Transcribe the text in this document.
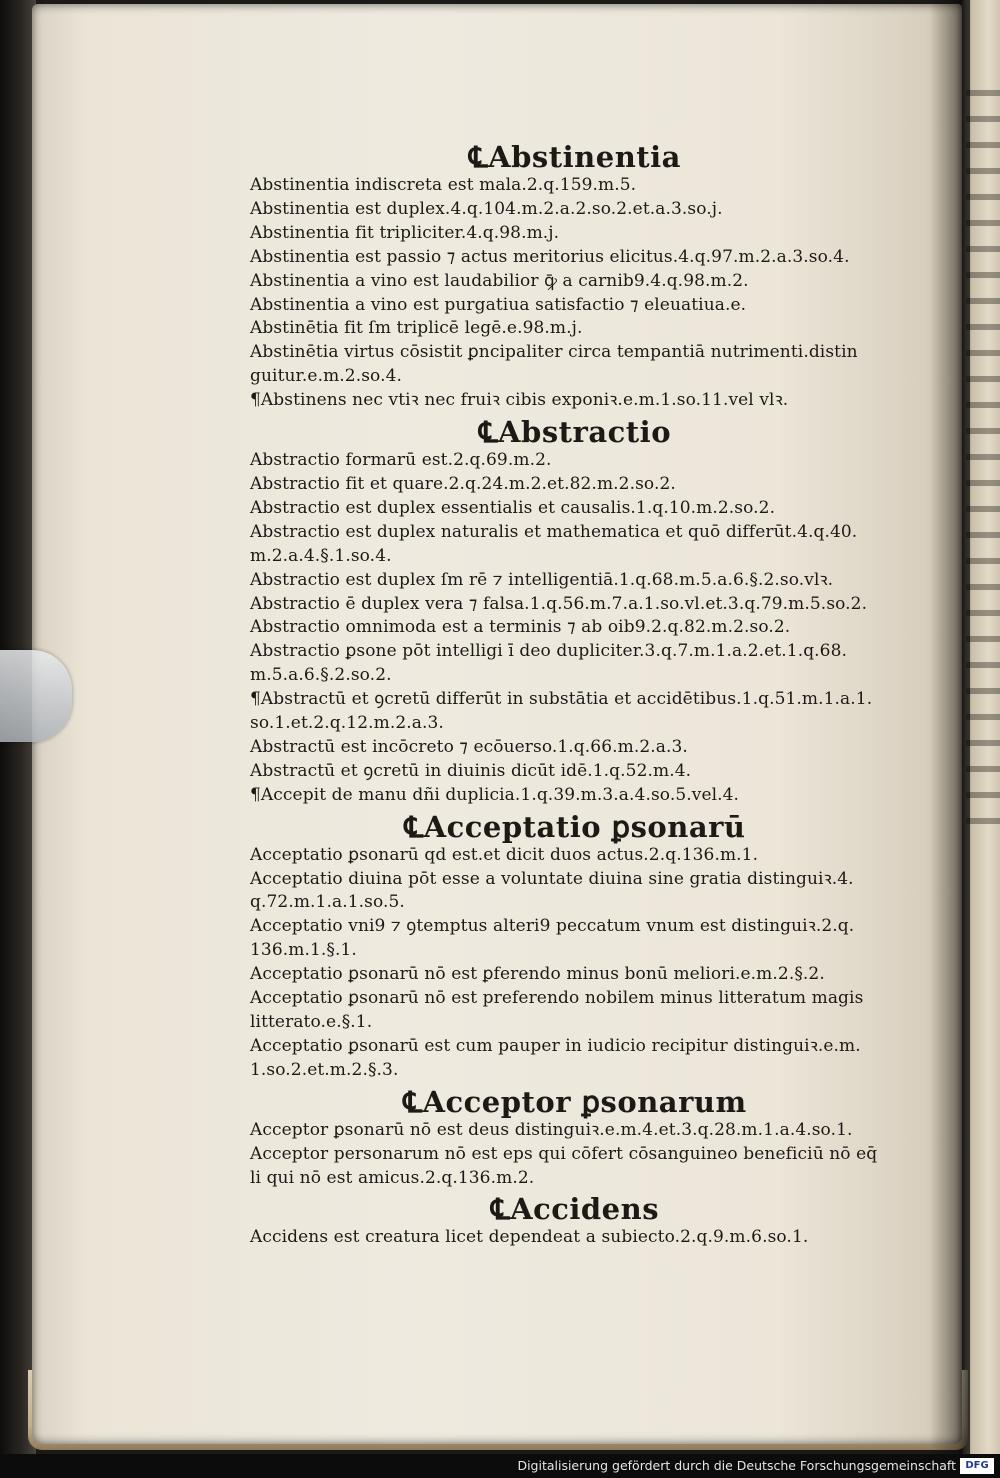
℄Abstinentia
Abstinentia indiscreta est mala.2.q.159.m.5.
Abstinentia est duplex.4.q.104.m.2.a.2.so.2.et.a.3.so.j.
Abstinentia fit tripliciter.4.q.98.m.j.
Abstinentia est passio ⁊ actus meritorius elicitus.4.q.97.m.2.a.3.so.4.
Abstinentia a vino est laudabilior ꝙ̄ a carnib9.4.q.98.m.2.
Abstinentia a vino est purgatiua satisfactio ⁊ eleuatiua.e.
Abstinētia fit ſm triplicē legē.e.98.m.j.
Abstinētia virtus cōsistit ꝑncipaliter circa tempantiā nutrimenti.distin
guitur.e.m.2.so.4.
¶Abstinens nec vtiꝛ nec fruiꝛ cibis exponiꝛ.e.m.1.so.11.vel vlꝛ.
℄Abstractio
Abstractio formarū est.2.q.69.m.2.
Abstractio fit et quare.2.q.24.m.2.et.82.m.2.so.2.
Abstractio est duplex essentialis et causalis.1.q.10.m.2.so.2.
Abstractio est duplex naturalis et mathematica et quō differūt.4.q.40.
m.2.a.4.§.1.so.4.
Abstractio est duplex ſm rē ⁊ intelligentiā.1.q.68.m.5.a.6.§.2.so.vlꝛ.
Abstractio ē duplex vera ⁊ falsa.1.q.56.m.7.a.1.so.vl.et.3.q.79.m.5.so.2.
Abstractio omnimoda est a terminis ⁊ ab oib9.2.q.82.m.2.so.2.
Abstractio ꝑsone pōt intelligi ī deo dupliciter.3.q.7.m.1.a.2.et.1.q.68.
m.5.a.6.§.2.so.2.
¶Abstractū et ꝯcretū differūt in substātia et accidētibus.1.q.51.m.1.a.1.
so.1.et.2.q.12.m.2.a.3.
Abstractū est incōcreto ⁊ ecōuerso.1.q.66.m.2.a.3.
Abstractū et ꝯcretū in diuinis dicūt idē.1.q.52.m.4.
¶Accepit de manu dñi duplicia.1.q.39.m.3.a.4.so.5.vel.4.
℄Acceptatio ꝑsonarū
Acceptatio ꝑsonarū qd est.et dicit duos actus.2.q.136.m.1.
Acceptatio diuina pōt esse a voluntate diuina sine gratia distinguiꝛ.4.
q.72.m.1.a.1.so.5.
Acceptatio vni9 ⁊ ꝯtemptus alteri9 peccatum vnum est distinguiꝛ.2.q.
136.m.1.§.1.
Acceptatio ꝑsonarū nō est ꝑferendo minus bonū meliori.e.m.2.§.2.
Acceptatio ꝑsonarū nō est preferendo nobilem minus litteratum magis
litterato.e.§.1.
Acceptatio ꝑsonarū est cum pauper in iudicio recipitur distinguiꝛ.e.m.
1.so.2.et.m.2.§.3.
℄Acceptor ꝑsonarum
Acceptor ꝑsonarū nō est deus distinguiꝛ.e.m.4.et.3.q.28.m.1.a.4.so.1.
Acceptor personarum nō est eps qui cōfert cōsanguineo beneficiū nō eq̄
li qui nō est amicus.2.q.136.m.2.
℄Accidens
Accidens est creatura licet dependeat a subiecto.2.q.9.m.6.so.1.
Digitalisierung gefördert durch die Deutsche Forschungsgemeinschaft DFG
